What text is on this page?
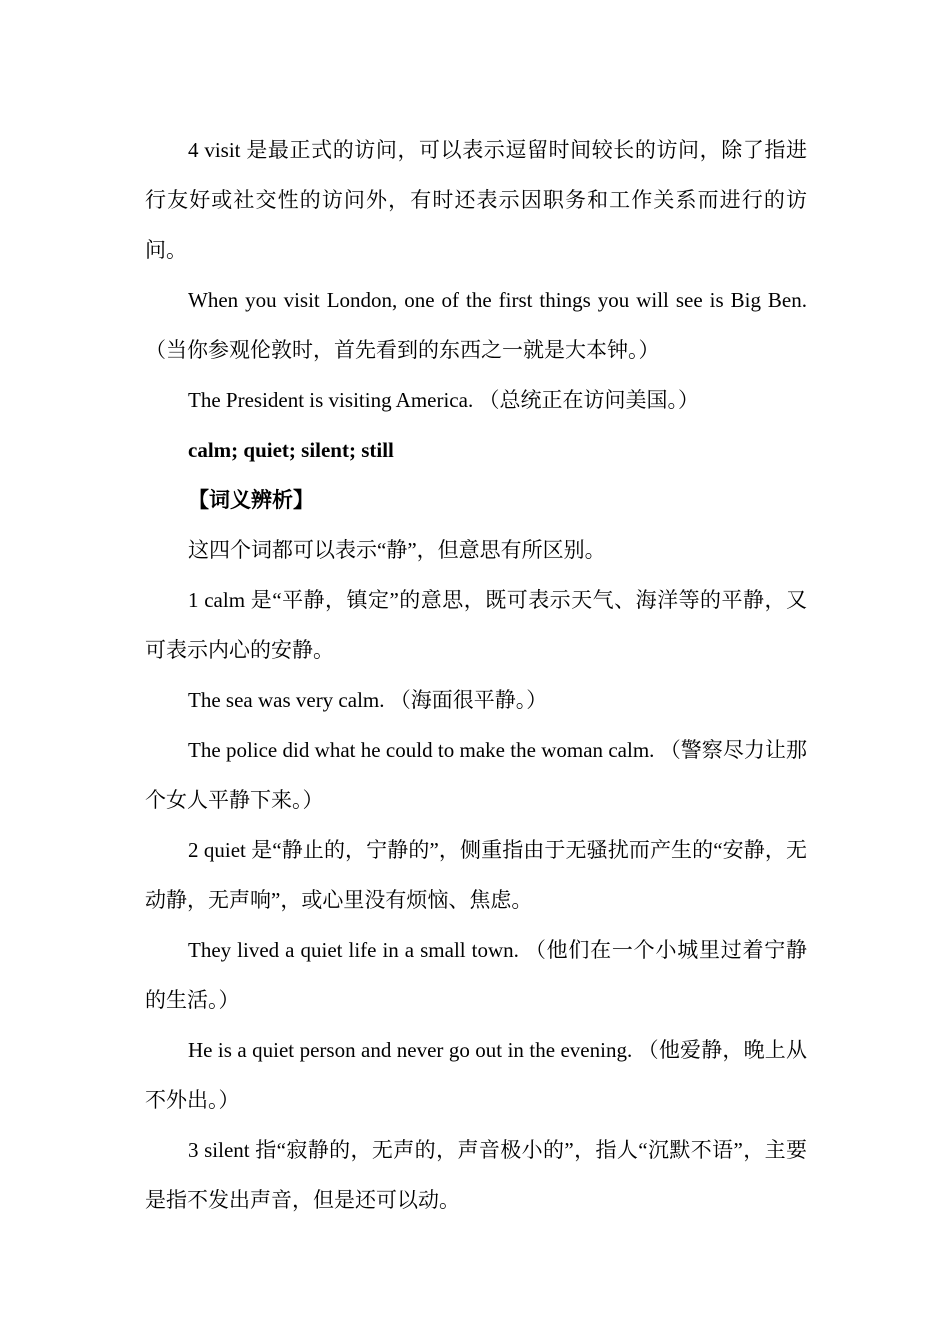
4 visit 是最正式的访问，可以表示逗留时间较长的访问，除了指进行友好或社交性的访问外，有时还表示因职务和工作关系而进行的访问。

When you visit London, one of the first things you will see is Big Ben. （当你参观伦敦时，首先看到的东西之一就是大本钟。）

The President is visiting America. （总统正在访问美国。）

calm; quiet; silent; still

【词义辨析】

这四个词都可以表示“静”，但意思有所区别。

1 calm 是“平静，镇定”的意思，既可表示天气、海洋等的平静，又可表示内心的安静。

The sea was very calm. （海面很平静。）

The police did what he could to make the woman calm. （警察尽力让那个女人平静下来。）

2 quiet 是“静止的，宁静的”，侧重指由于无骚扰而产生的“安静，无动静，无声响”，或心里没有烦恼、焦虑。

They lived a quiet life in a small town. （他们在一个小城里过着宁静的生活。）

He is a quiet person and never go out in the evening. （他爱静，晚上从不外出。）

3 silent 指“寂静的，无声的，声音极小的”，指人“沉默不语”，主要是指不发出声音，但是还可以动。
